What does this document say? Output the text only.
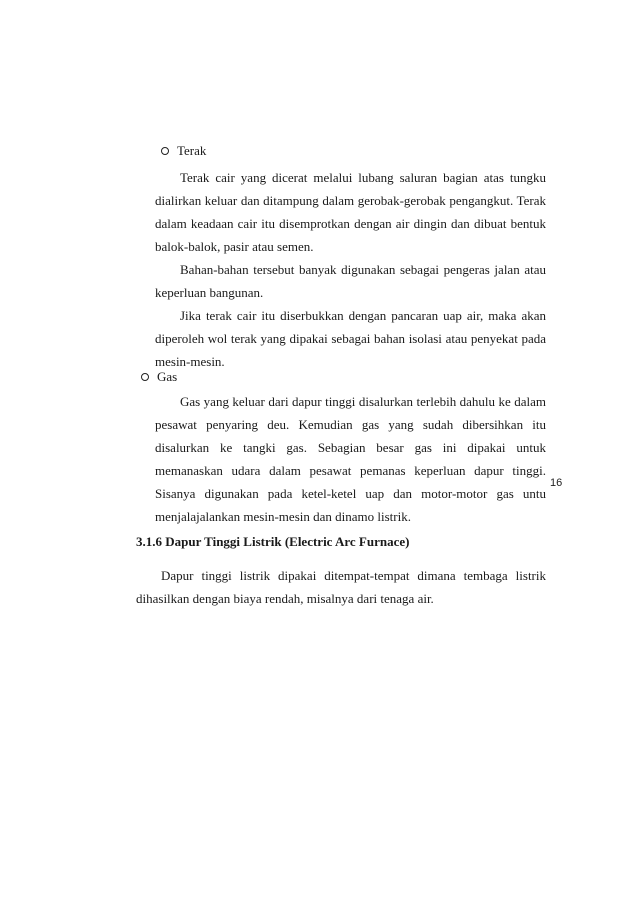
Terak

Terak cair yang dicerat melalui lubang saluran bagian atas tungku dialirkan keluar dan ditampung dalam gerobak-gerobak pengangkut. Terak dalam keadaan cair itu disemprotkan dengan air dingin dan dibuat bentuk balok-balok, pasir atau semen.

Bahan-bahan tersebut banyak digunakan sebagai pengeras jalan atau keperluan bangunan.

Jika terak cair itu diserbukkan dengan pancaran uap air, maka akan diperoleh wol terak yang dipakai sebagai bahan isolasi atau penyekat pada mesin-mesin.

Gas

Gas yang keluar dari dapur tinggi disalurkan terlebih dahulu ke dalam pesawat penyaring deu. Kemudian gas yang sudah dibersihkan itu disalurkan ke tangki gas. Sebagian besar gas ini dipakai untuk memanaskan udara dalam pesawat pemanas keperluan dapur tinggi. Sisanya digunakan pada ketel-ketel uap dan motor-motor gas untu menjalajalankan mesin-mesin dan dinamo listrik.

3.1.6 Dapur Tinggi Listrik (Electric Arc Furnace)

Dapur tinggi listrik dipakai ditempat-tempat dimana tembaga listrik dihasilkan dengan biaya rendah, misalnya dari tenaga air.

16
